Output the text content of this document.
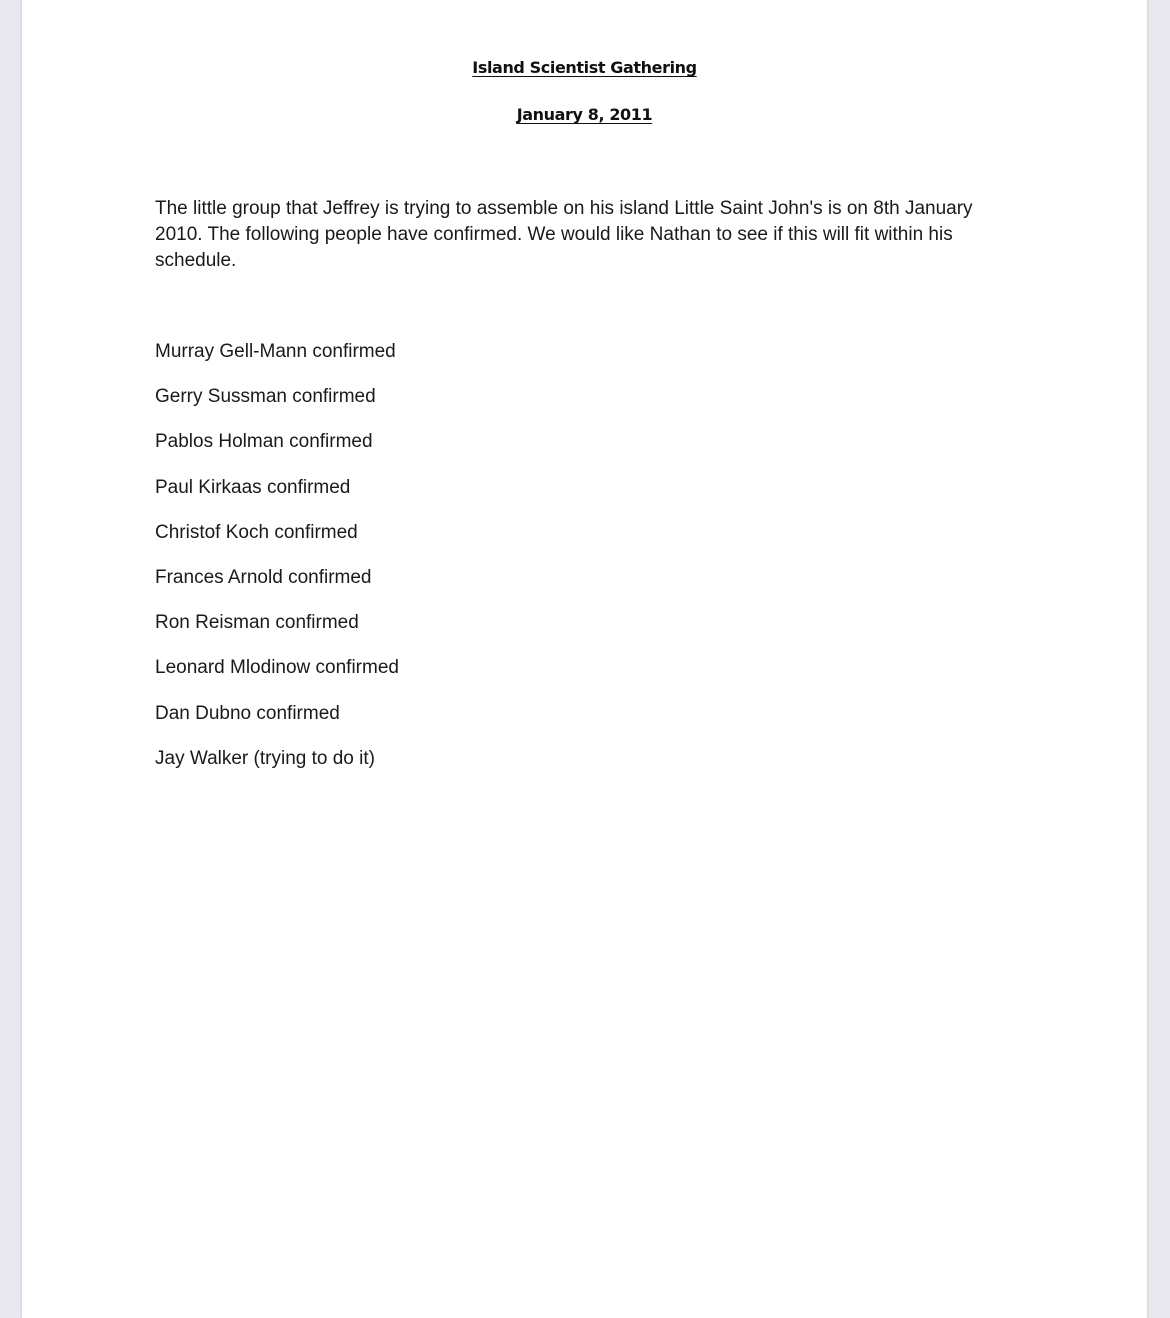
Island Scientist Gathering
January 8, 2011

The little group that Jeffrey is trying to assemble on his island Little Saint John's is on 8th January 2010. The following people have confirmed. We would like Nathan to see if this will fit within his schedule.

Murray Gell-Mann confirmed
Gerry Sussman confirmed
Pablos Holman confirmed
Paul Kirkaas confirmed
Christof Koch confirmed
Frances Arnold confirmed
Ron Reisman confirmed
Leonard Mlodinow confirmed
Dan Dubno confirmed
Jay Walker (trying to do it)
